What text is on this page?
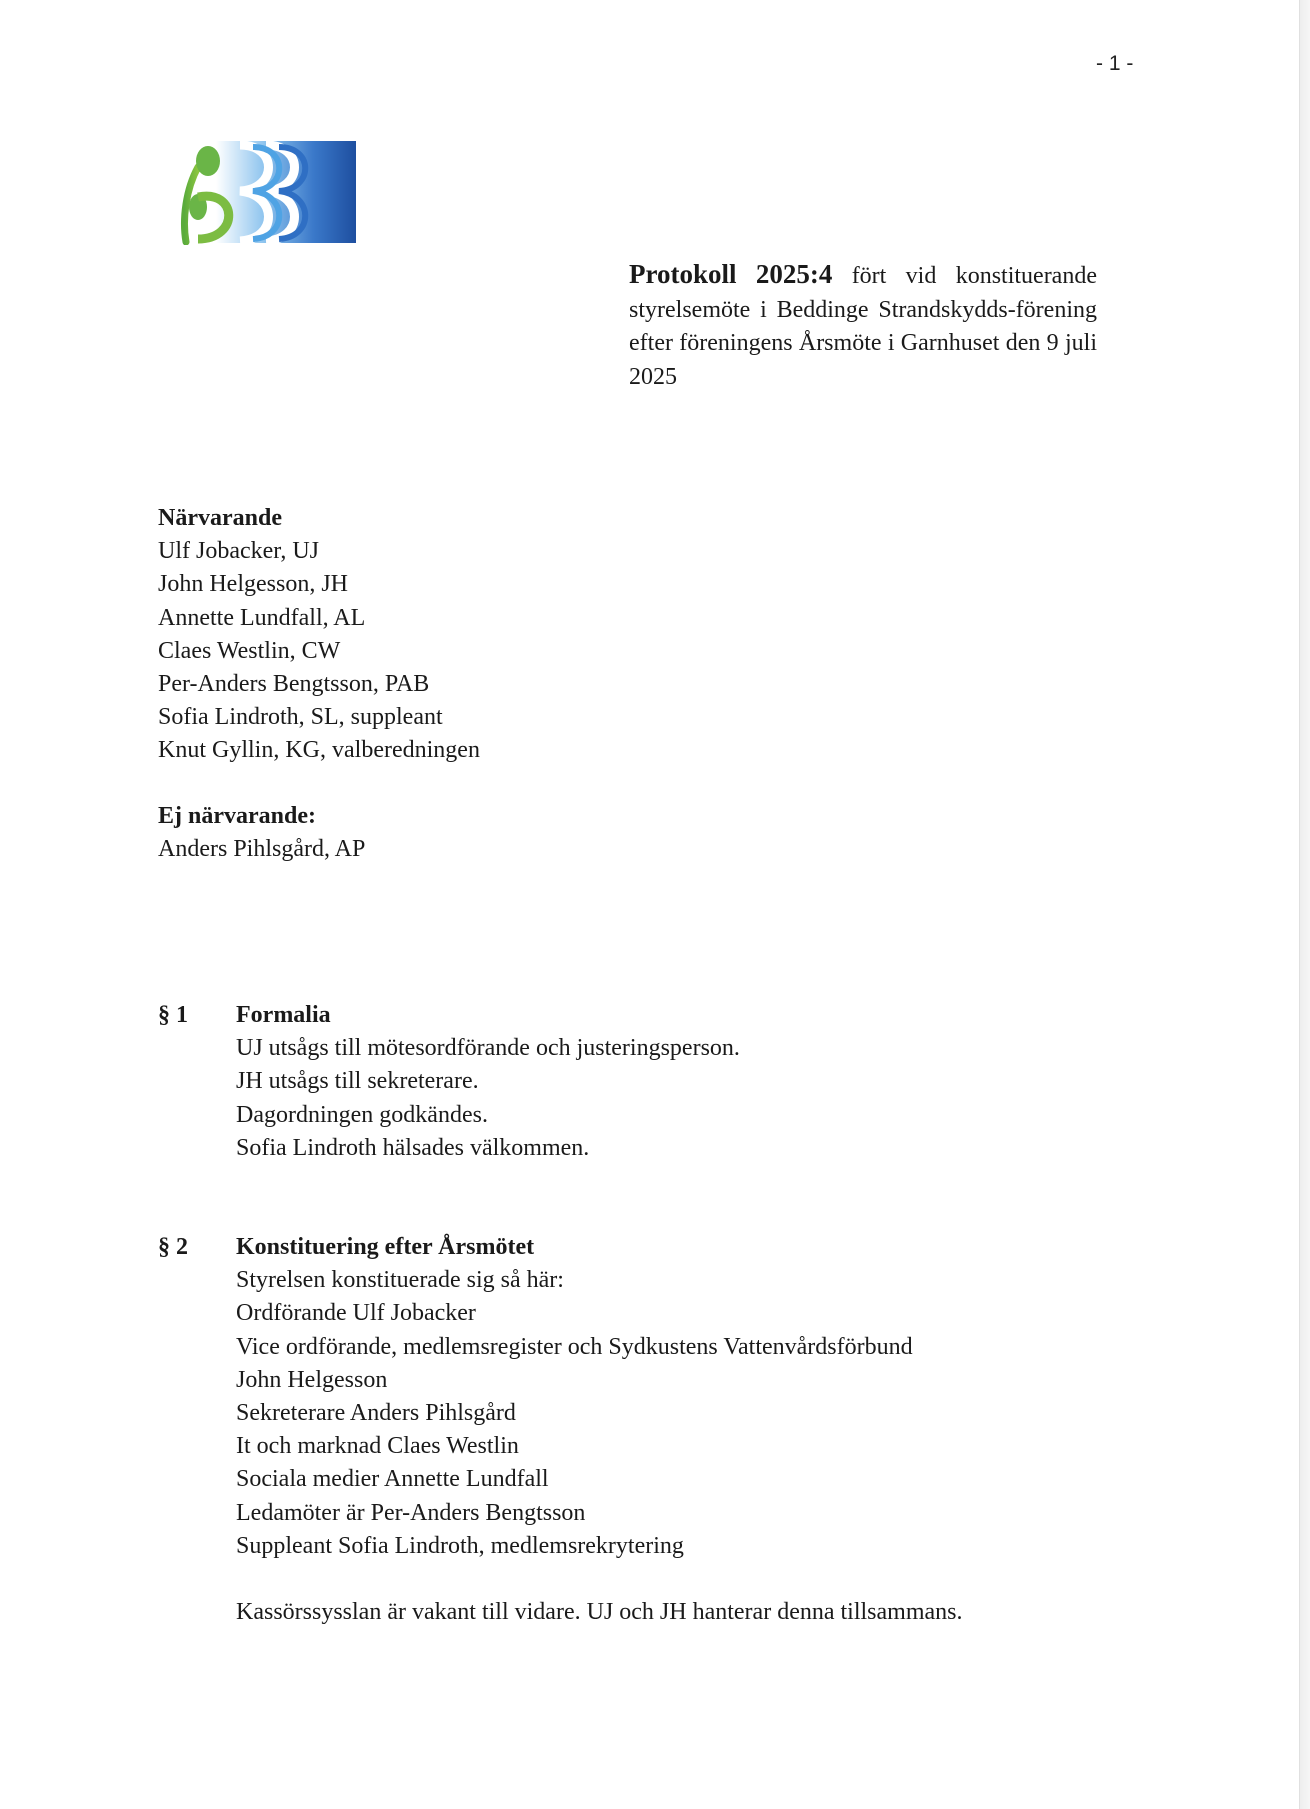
- 1 -
Protokoll 2025:4 fört vid konstituerande styrelsemöte i Beddinge Strandskydds-förening efter föreningens Årsmöte i Garnhuset den 9 juli 2025
Närvarande
Ulf Jobacker, UJ
John Helgesson, JH
Annette Lundfall, AL
Claes Westlin, CW
Per-Anders Bengtsson, PAB
Sofia Lindroth, SL, suppleant
Knut Gyllin, KG, valberedningen
Ej närvarande:
Anders Pihlsgård, AP
§ 1 Formalia
UJ utsågs till mötesordförande och justeringsperson.
JH utsågs till sekreterare.
Dagordningen godkändes.
Sofia Lindroth hälsades välkommen.
§ 2 Konstituering efter Årsmötet
Styrelsen konstituerade sig så här:
Ordförande Ulf Jobacker
Vice ordförande, medlemsregister och Sydkustens Vattenvårdsförbund
John Helgesson
Sekreterare Anders Pihlsgård
It och marknad Claes Westlin
Sociala medier Annette Lundfall
Ledamöter är Per-Anders Bengtsson
Suppleant Sofia Lindroth, medlemsrekrytering
Kassörssysslan är vakant till vidare. UJ och JH hanterar denna tillsammans.
